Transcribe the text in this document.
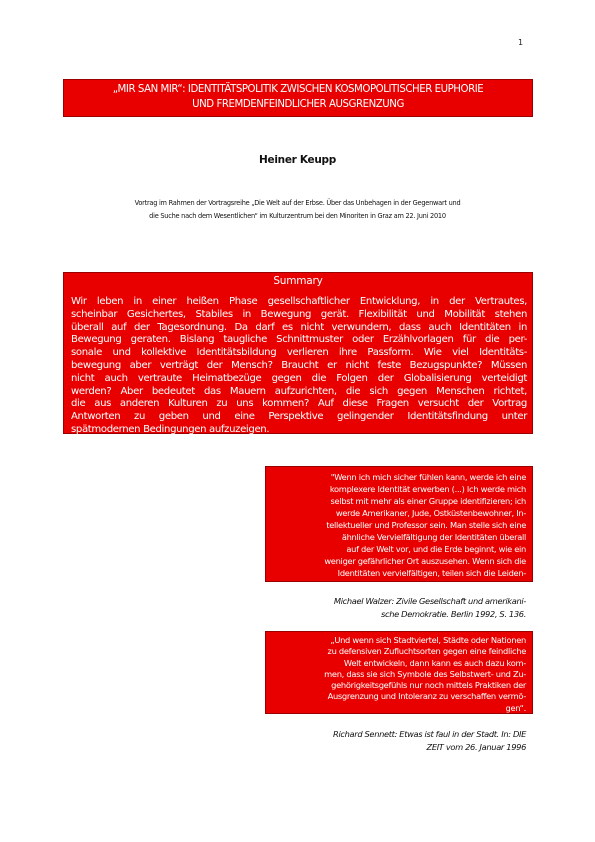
1
„MIR SAN MIR“: IDENTITÄTSPOLITIK ZWISCHEN KOSMOPOLITISCHER EUPHORIE
UND FREMDENFEINDLICHER AUSGRENZUNG
Heiner Keupp
Vortrag im Rahmen der Vortragsreihe „Die Welt auf der Erbse. Über das Unbehagen in der Gegenwart und
die Suche nach dem Wesentlichen“ im Kulturzentrum bei den Minoriten in Graz am 22. Juni 2010
Summary
Wir leben in einer heißen Phase gesellschaftlicher Entwicklung, in der Vertrautes,
scheinbar Gesichertes, Stabiles in Bewegung gerät. Flexibilität und Mobilität stehen
überall auf der Tagesordnung. Da darf es nicht verwundern, dass auch Identitäten in
Bewegung geraten. Bislang taugliche Schnittmuster oder Erzählvorlagen für die per-
sonale und kollektive Identitätsbildung verlieren ihre Passform. Wie viel Identitäts-
bewegung aber verträgt der Mensch? Braucht er nicht feste Bezugspunkte? Müssen
nicht auch vertraute Heimatbezüge gegen die Folgen der Globalisierung verteidigt
werden? Aber bedeutet das Mauern aufzurichten, die sich gegen Menschen richtet,
die aus anderen Kulturen zu uns kommen? Auf diese Fragen versucht der Vortrag
Antworten zu geben und eine Perspektive gelingender Identitätsfindung unter
spätmodernen Bedingungen aufzuzeigen.
"Wenn ich mich sicher fühlen kann, werde ich eine
komplexere Identität erwerben (...) Ich werde mich
selbst mit mehr als einer Gruppe identifizieren; ich
werde Amerikaner, Jude, Ostküstenbewohner, In-
tellektueller und Professor sein. Man stelle sich eine
ähnliche Vervielfältigung der Identitäten überall
auf der Welt vor, und die Erde beginnt, wie ein
weniger gefährlicher Ort auszusehen. Wenn sich die
Identitäten vervielfältigen, teilen sich die Leiden-
schaften."
Michael Walzer: Zivile Gesellschaft und amerikani-
sche Demokratie. Berlin 1992, S. 136.
„Und wenn sich Stadtviertel, Städte oder Nationen
zu defensiven Zufluchtsorten gegen eine feindliche
Welt entwickeln, dann kann es auch dazu kom-
men, dass sie sich Symbole des Selbstwert- und Zu-
gehörigkeitsgefühls nur noch mittels Praktiken der
Ausgrenzung und Intoleranz zu verschaffen vermö-
gen“.
Richard Sennett: Etwas ist faul in der Stadt. In: DIE
ZEIT vom 26. Januar 1996
